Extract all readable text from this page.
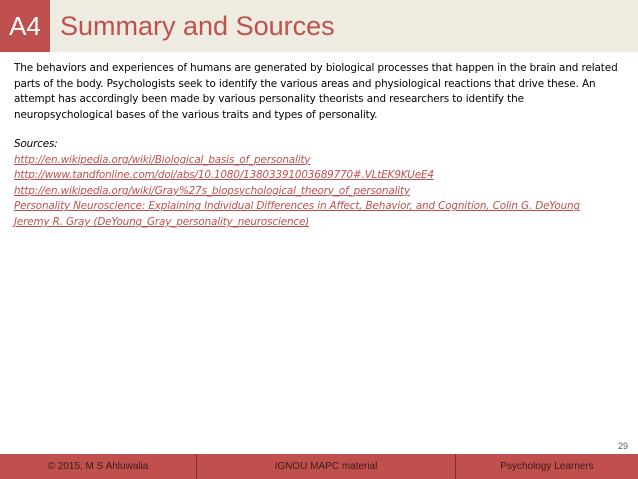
A4 Summary and Sources
The behaviors and experiences of humans are generated by biological processes that happen in the brain and related parts of the body. Psychologists seek to identify the various areas and physiological reactions that drive these. An attempt has accordingly been made by various personality theorists and researchers to identify the neuropsychological bases of the various traits and types of personality.
Sources:
http://en.wikipedia.org/wiki/Biological_basis_of_personality
http://www.tandfonline.com/doi/abs/10.1080/13803391003689770#.VLtEK9KUeE4
http://en.wikipedia.org/wiki/Gray%27s_biopsychological_theory_of_personality
Personality Neuroscience: Explaining Individual Differences in Affect, Behavior, and Cognition, Colin G. DeYoung
Jeremy R. Gray (DeYoung_Gray_personality_neuroscience)
29
© 2015, M S Ahluwalia	IGNOU MAPC material	Psychology Learners
